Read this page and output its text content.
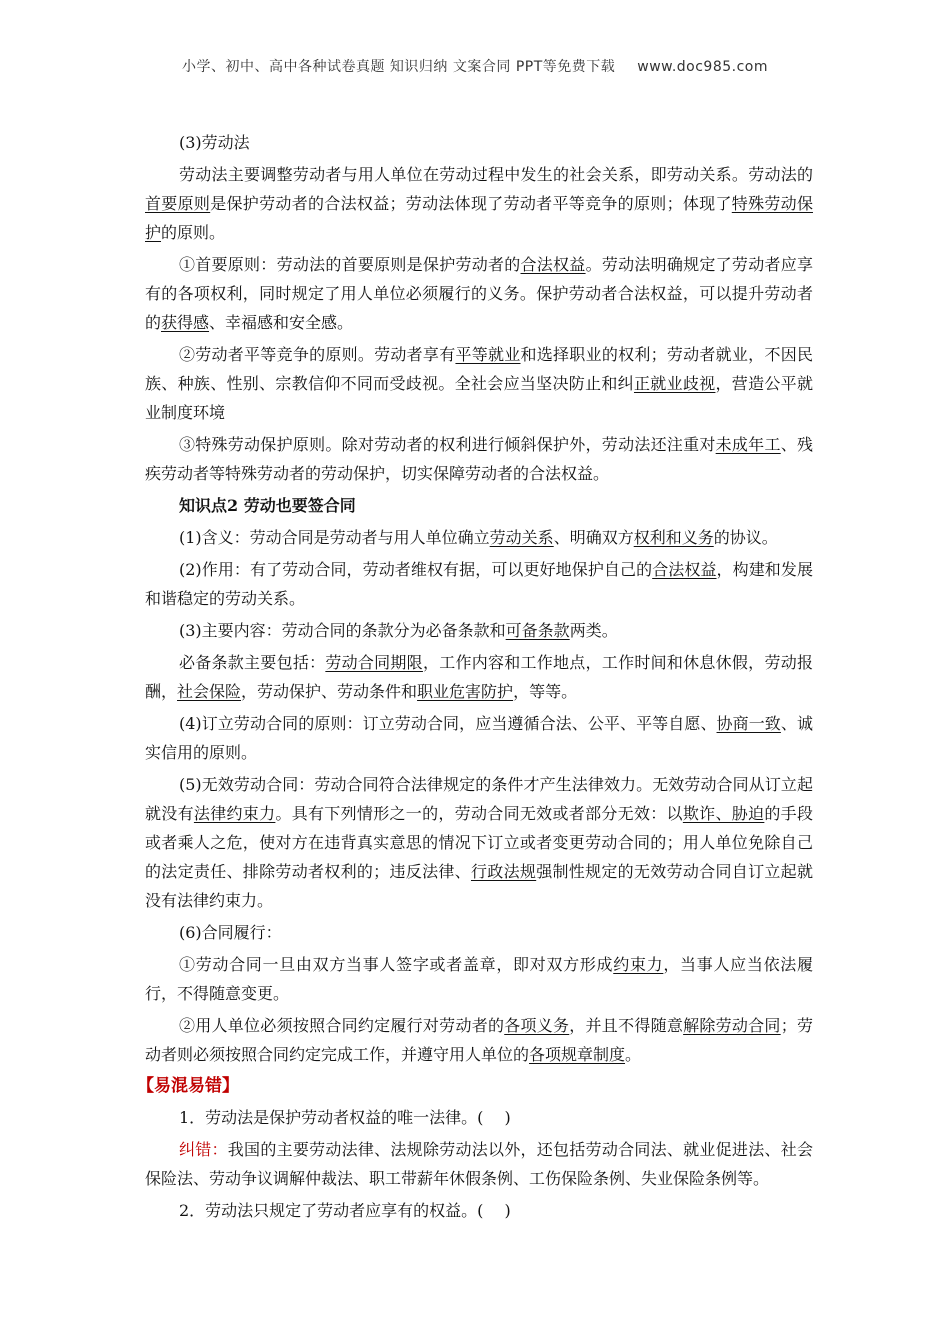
小学、初中、高中各种试卷真题 知识归纳 文案合同 PPT等免费下载 www.doc985.com

(3)劳动法

劳动法主要调整劳动者与用人单位在劳动过程中发生的社会关系，即劳动关系。劳动法的首要原则是保护劳动者的合法权益；劳动法体现了劳动者平等竞争的原则；体现了特殊劳动保护的原则。

①首要原则：劳动法的首要原则是保护劳动者的合法权益。劳动法明确规定了劳动者应享有的各项权利，同时规定了用人单位必须履行的义务。保护劳动者合法权益，可以提升劳动者的获得感、幸福感和安全感。

②劳动者平等竞争的原则。劳动者享有平等就业和选择职业的权利；劳动者就业，不因民族、种族、性别、宗教信仰不同而受歧视。全社会应当坚决防止和纠正就业歧视，营造公平就业制度环境

③特殊劳动保护原则。除对劳动者的权利进行倾斜保护外，劳动法还注重对未成年工、残疾劳动者等特殊劳动者的劳动保护，切实保障劳动者的合法权益。

知识点2 劳动也要签合同

(1)含义：劳动合同是劳动者与用人单位确立劳动关系、明确双方权利和义务的协议。

(2)作用：有了劳动合同，劳动者维权有据，可以更好地保护自己的合法权益，构建和发展和谐稳定的劳动关系。

(3)主要内容：劳动合同的条款分为必备条款和可备条款两类。

必备条款主要包括：劳动合同期限，工作内容和工作地点，工作时间和休息休假，劳动报酬，社会保险，劳动保护、劳动条件和职业危害防护，等等。

(4)订立劳动合同的原则：订立劳动合同，应当遵循合法、公平、平等自愿、协商一致、诚实信用的原则。

(5)无效劳动合同：劳动合同符合法律规定的条件才产生法律效力。无效劳动合同从订立起就没有法律约束力。具有下列情形之一的，劳动合同无效或者部分无效：以欺诈、胁迫的手段或者乘人之危，使对方在违背真实意思的情况下订立或者变更劳动合同的；用人单位免除自己的法定责任、排除劳动者权利的；违反法律、行政法规强制性规定的无效劳动合同自订立起就没有法律约束力。

(6)合同履行：

①劳动合同一旦由双方当事人签字或者盖章，即对双方形成约束力，当事人应当依法履行，不得随意变更。

②用人单位必须按照合同约定履行对劳动者的各项义务，并且不得随意解除劳动合同；劳动者则必须按照合同约定完成工作，并遵守用人单位的各项规章制度。

【易混易错】

1．劳动法是保护劳动者权益的唯一法律。(　 )

纠错：我国的主要劳动法律、法规除劳动法以外，还包括劳动合同法、就业促进法、社会保险法、劳动争议调解仲裁法、职工带薪年休假条例、工伤保险条例、失业保险条例等。

2．劳动法只规定了劳动者应享有的权益。(　 )
